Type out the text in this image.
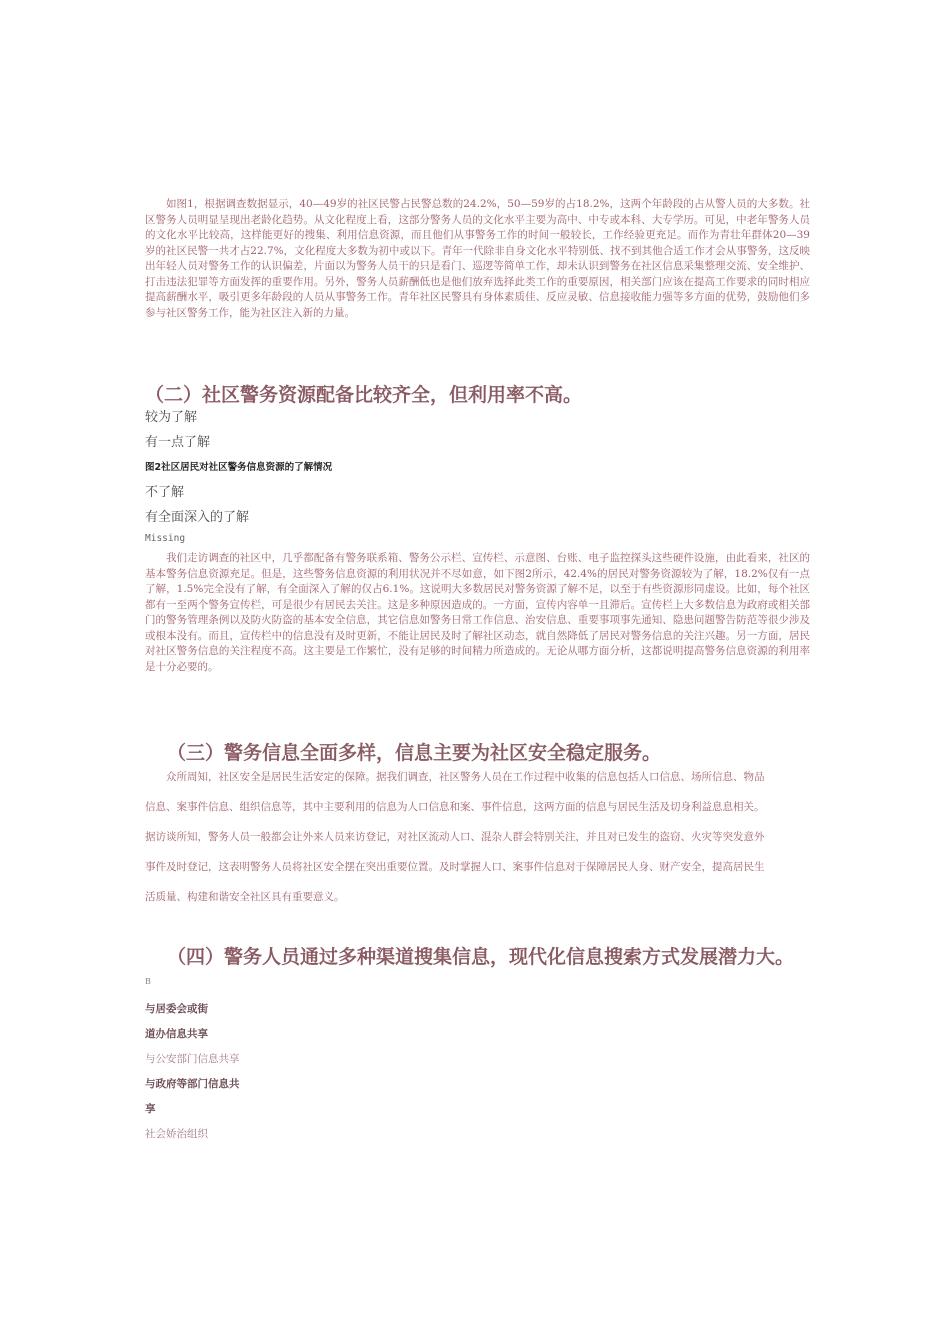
如图1，根据调查数据显示，40—49岁的社区民警占民警总数的24.2%，50—59岁的占18.2%，这两个年龄段的占从警人员的大多数。社区警务人员明显呈现出老龄化趋势。从文化程度上看，这部分警务人员的文化水平主要为高中、中专或本科、大专学历。可见，中老年警务人员的文化水平比较高，这样能更好的搜集、利用信息资源，而且他们从事警务工作的时间一般较长，工作经验更充足。而作为青壮年群体20—39岁的社区民警一共才占22.7%，文化程度大多数为初中或以下。青年一代除非自身文化水平特别低、找不到其他合适工作才会从事警务，这反映出年轻人员对警务工作的认识偏差，片面以为警务人员干的只是看门、巡逻等简单工作，却未认识到警务在社区信息采集整理交流、安全维护、打击违法犯罪等方面发挥的重要作用。另外，警务人员薪酬低也是他们放弃选择此类工作的重要原因，相关部门应该在提高工作要求的同时相应提高薪酬水平，吸引更多年龄段的人员从事警务工作。青年社区民警具有身体素质佳、反应灵敏、信息接收能力强等多方面的优势，鼓励他们多参与社区警务工作，能为社区注入新的力量。

（二）社区警务资源配备比较齐全，但利用率不高。

较为了解

有一点了解

图2社区居民对社区警务信息资源的了解情况

不了解

有全面深入的了解

Missing

我们走访调查的社区中，几乎都配备有警务联系箱、警务公示栏、宣传栏、示意图、台账、电子监控探头这些硬件设施，由此看来，社区的基本警务信息资源充足。但是，这些警务信息资源的利用状况并不尽如意，如下图2所示，42.4%的居民对警务资源较为了解，18.2%仅有一点了解，1.5%完全没有了解，有全面深入了解的仅占6.1%。这说明大多数居民对警务资源了解不足，以至于有些资源形同虚设。比如，每个社区都有一至两个警务宣传栏，可是很少有居民去关注。这是多种原因造成的。一方面，宣传内容单一且滞后。宣传栏上大多数信息为政府或相关部门的警务管理条例以及防火防盗的基本安全信息，其它信息如警务日常工作信息、治安信息、重要事项事先通知、隐患问题警告防范等很少涉及或根本没有。而且，宣传栏中的信息没有及时更新，不能让居民及时了解社区动态，就自然降低了居民对警务信息的关注兴趣。另一方面，居民对社区警务信息的关注程度不高。这主要是工作繁忙，没有足够的时间精力所造成的。无论从哪方面分析，这都说明提高警务信息资源的利用率是十分必要的。

（三）警务信息全面多样，信息主要为社区安全稳定服务。
众所周知，社区安全是居民生活安定的保障。据我们调查，社区警务人员在工作过程中收集的信息包括人口信息、场所信息、物品
信息、案事件信息、组织信息等，其中主要利用的信息为人口信息和案、事件信息，这两方面的信息与居民生活及切身利益息息相关。
据访谈所知，警务人员一般都会让外来人员来访登记，对社区流动人口、混杂人群会特别关注，并且对已发生的盗窃、火灾等突发意外
事件及时登记，这表明警务人员将社区安全摆在突出重要位置。及时掌握人口、案事件信息对于保障居民人身、财产安全，提高居民生
活质量、构建和谐安全社区具有重要意义。
（四）警务人员通过多种渠道搜集信息，现代化信息搜索方式发展潜力大。

B

与居委会或街

道办信息共享

与公安部门信息共享

与政府等部门信息共

享

社会娇治组织
